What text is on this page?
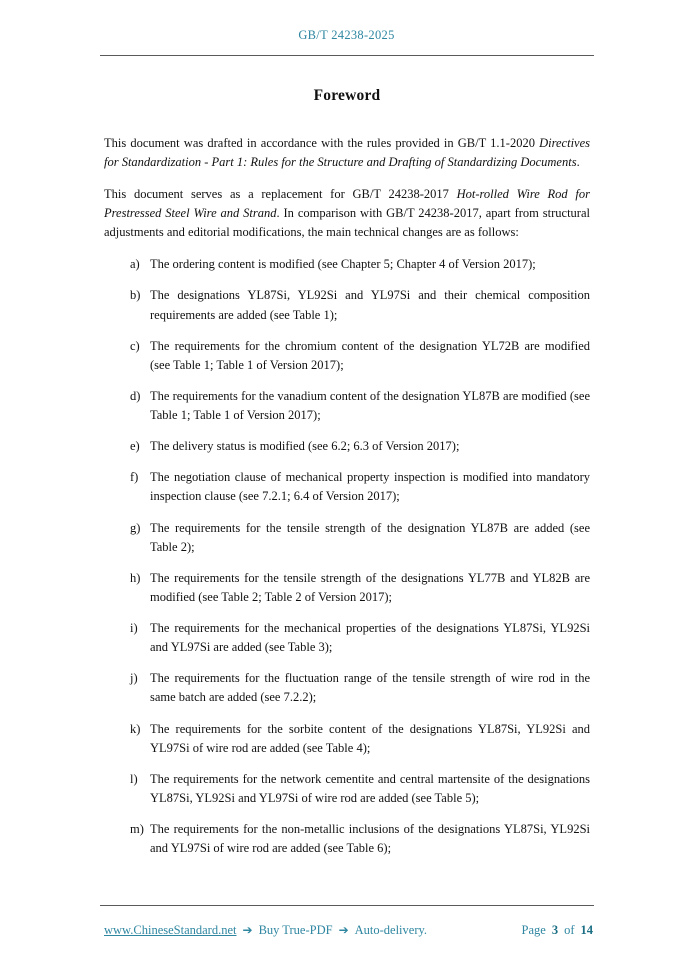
GB/T 24238-2025
Foreword
This document was drafted in accordance with the rules provided in GB/T 1.1-2020 Directives for Standardization - Part 1: Rules for the Structure and Drafting of Standardizing Documents.
This document serves as a replacement for GB/T 24238-2017 Hot-rolled Wire Rod for Prestressed Steel Wire and Strand. In comparison with GB/T 24238-2017, apart from structural adjustments and editorial modifications, the main technical changes are as follows:
a) The ordering content is modified (see Chapter 5; Chapter 4 of Version 2017);
b) The designations YL87Si, YL92Si and YL97Si and their chemical composition requirements are added (see Table 1);
c) The requirements for the chromium content of the designation YL72B are modified (see Table 1; Table 1 of Version 2017);
d) The requirements for the vanadium content of the designation YL87B are modified (see Table 1; Table 1 of Version 2017);
e) The delivery status is modified (see 6.2; 6.3 of Version 2017);
f) The negotiation clause of mechanical property inspection is modified into mandatory inspection clause (see 7.2.1; 6.4 of Version 2017);
g) The requirements for the tensile strength of the designation YL87B are added (see Table 2);
h) The requirements for the tensile strength of the designations YL77B and YL82B are modified (see Table 2; Table 2 of Version 2017);
i) The requirements for the mechanical properties of the designations YL87Si, YL92Si and YL97Si are added (see Table 3);
j) The requirements for the fluctuation range of the tensile strength of wire rod in the same batch are added (see 7.2.2);
k) The requirements for the sorbite content of the designations YL87Si, YL92Si and YL97Si of wire rod are added (see Table 4);
l) The requirements for the network cementite and central martensite of the designations YL87Si, YL92Si and YL97Si of wire rod are added (see Table 5);
m) The requirements for the non-metallic inclusions of the designations YL87Si, YL92Si and YL97Si of wire rod are added (see Table 6);
www.ChineseStandard.net ➔ Buy True-PDF ➔ Auto-delivery.	Page 3 of 14
